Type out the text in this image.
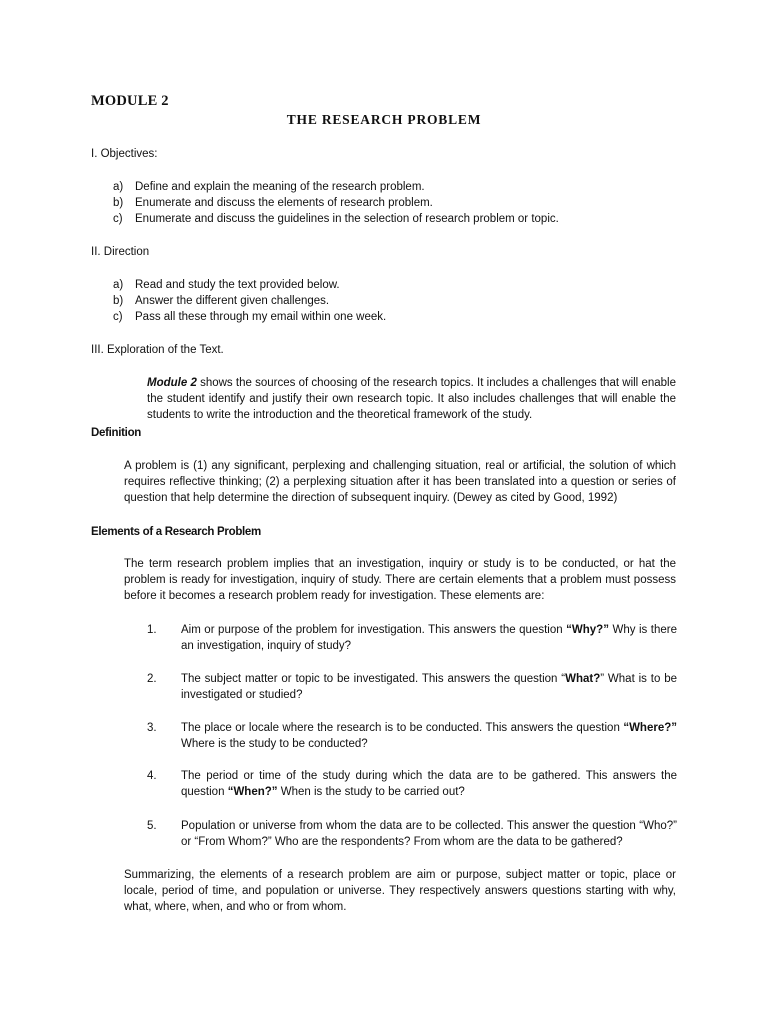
MODULE 2
THE RESEARCH PROBLEM
I. Objectives:
a)	Define and explain the meaning of the research problem.
b)	Enumerate and discuss the elements of research problem.
c)	Enumerate and discuss the guidelines in the selection of research problem or topic.
II. Direction
a)	Read and study the text provided below.
b)	Answer the different given challenges.
c)	Pass all these through my email within one week.
III. Exploration of the Text.

Module 2 shows the sources of choosing of the research topics. It includes a challenges that will enable the student identify and justify their own research topic. It also includes challenges that will enable the students to write the introduction and the theoretical framework of the study.

Definition

A problem is (1) any significant, perplexing and challenging situation, real or artificial, the solution of which requires reflective thinking; (2) a perplexing situation after it has been translated into a question or series of question that help determine the direction of subsequent inquiry. (Dewey as cited by Good, 1992)

Elements of a Research Problem

The term research problem implies that an investigation, inquiry or study is to be conducted, or hat the problem is ready for investigation, inquiry of study. There are certain elements that a problem must possess before it becomes a research problem ready for investigation. These elements are:

1.	Aim or purpose of the problem for investigation. This answers the question “Why?” Why is there an investigation, inquiry of study?
2.	The subject matter or topic to be investigated. This answers the question “What?” What is to be investigated or studied?
3.	The place or locale where the research is to be conducted. This answers the question “Where?” Where is the study to be conducted?
4.	The period or time of the study during which the data are to be gathered. This answers the question “When?” When is the study to be carried out?
5.	Population or universe from whom the data are to be collected. This answer the question “Who?” or “From Whom?” Who are the respondents? From whom are the data to be gathered?

Summarizing, the elements of a research problem are aim or purpose, subject matter or topic, place or locale, period of time, and population or universe. They respectively answers questions starting with why, what, where, when, and who or from whom.
